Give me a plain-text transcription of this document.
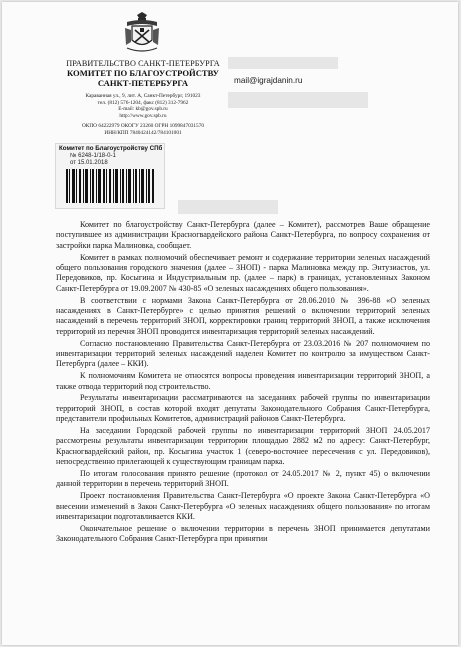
ПРАВИТЕЛЬСТВО САНКТ-ПЕТЕРБУРГА
КОМИТЕТ ПО БЛАГОУСТРОЙСТВУ
САНКТ-ПЕТЕРБУРГА
Караванная ул., 9, лит. А, Санкт-Петербург, 191023
тел. (812) 576-1204, факс (812) 312-7962
E-mail: kb@gov.spb.ru
http://www.gov.spb.ru
ОКПО 64222979 ОКОГУ 23260 ОГРН 1099847031570
ИНН/КПП 7840424142/784101001
mail@igrajdanin.ru
Комитет по Благоустройству СПб
№ 6248-1/18-0-1
от 15.01.2018

Комитет по благоустройству Санкт-Петербурга (далее – Комитет), рассмотрев Ваше обращение поступившее из администрации Красногвардейского района Санкт-Петербурга, по вопросу сохранения от застройки парка Малиновка, сообщает.

Комитет в рамках полномочий обеспечивает ремонт и содержание территории зеленых насаждений общего пользования городского значения (далее – ЗНОП) - парка Малиновка между пр. Энтузиастов, ул. Передовиков, пр. Косыгина и Индустриальным пр. (далее – парк) в границах, установленных Законом Санкт-Петербурга от 19.09.2007 № 430-85 «О зеленых насаждениях общего пользования».

В соответствии с нормами Закона Санкт-Петербурга от 28.06.2010 № 396-88 «О зеленых насаждениях в Санкт-Петербурге» с целью принятия решений о включении территорий зеленых насаждений в перечень территорий ЗНОП, корректировки границ территорий ЗНОП, а также исключения территорий из перечня ЗНОП проводится инвентаризация территорий зеленых насаждений.

Согласно постановлению Правительства Санкт-Петербурга от 23.03.2016 № 207 полномочием по инвентаризации территорий зеленых насаждений наделен Комитет по контролю за имуществом Санкт-Петербурга (далее – ККИ).

К полномочиям Комитета не относятся вопросы проведения инвентаризации территорий ЗНОП, а также отвода территорий под строительство.

Результаты инвентаризации рассматриваются на заседаниях рабочей группы по инвентаризации территорий ЗНОП, в состав которой входят депутаты Законодательного Собрания Санкт-Петербурга, представители профильных Комитетов, администраций районов Санкт-Петербурга.

На заседании Городской рабочей группы по инвентаризации территорий ЗНОП 24.05.2017 рассмотрены результаты инвентаризации территории площадью 2882 м2 по адресу: Санкт-Петербург, Красногвардейский район, пр. Косыгина участок 1 (северо-восточнее пересечения с ул. Передовиков), непосредственно прилегающей к существующим границам парка.

По итогам голосования принято решение (протокол от 24.05.2017 № 2, пункт 45) о включении данной территории в перечень территорий ЗНОП.

Проект постановления Правительства Санкт-Петербурга «О проекте Закона Санкт-Петербурга «О внесении изменений в Закон Санкт-Петербурга «О зеленых насаждениях общего пользования» по итогам инвентаризации подготавливается ККИ.

Окончательное решение о включении территории в перечень ЗНОП принимается депутатами Законодательного Собрания Санкт-Петербурга при принятии
